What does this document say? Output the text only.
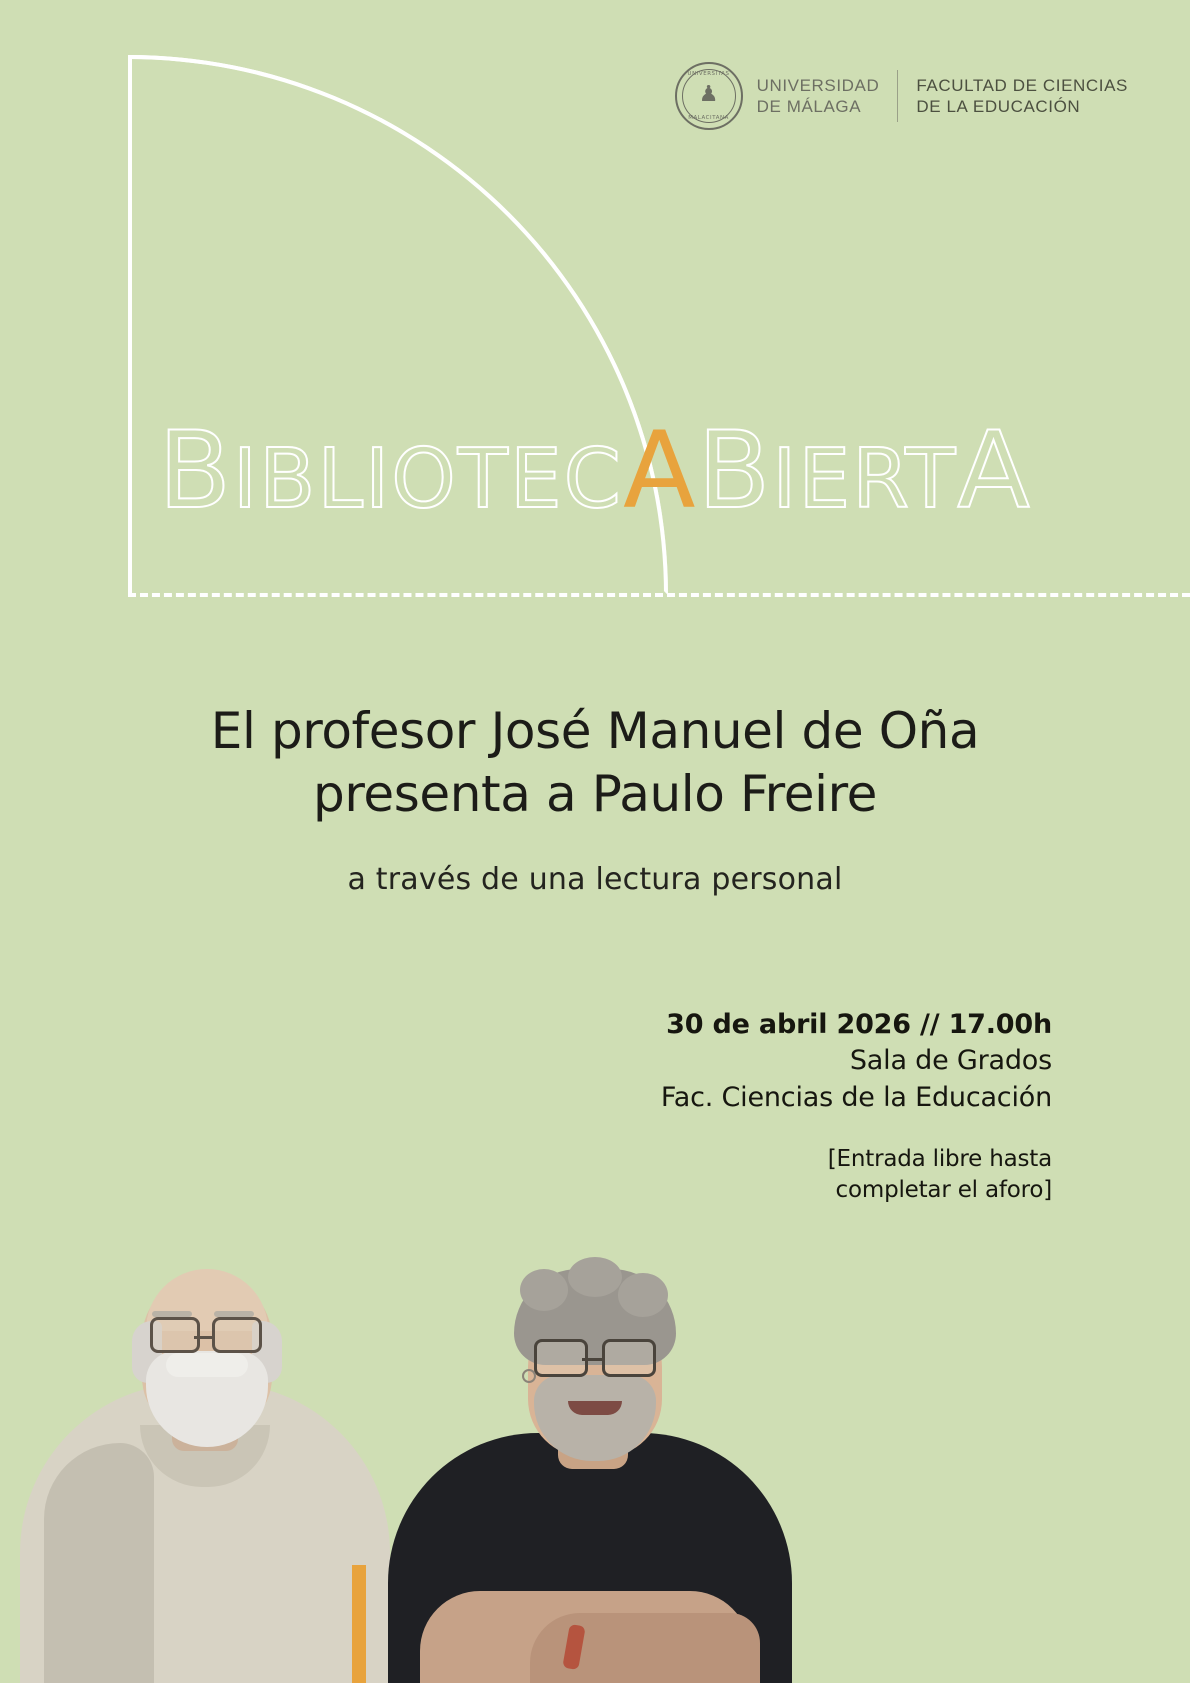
UNIVERSITAS
♟
MALACITANA
UNIVERSIDAD
DE MÁLAGA
FACULTAD DE CIENCIAS
DE LA EDUCACIÓN
BIBLIOTECABIERTA
El profesor José Manuel de Oña
presenta a Paulo Freire
a través de una lectura personal
30 de abril 2026 // 17.00h
Sala de Grados
Fac. Ciencias de la Educación
[Entrada libre hasta
completar el aforo]
